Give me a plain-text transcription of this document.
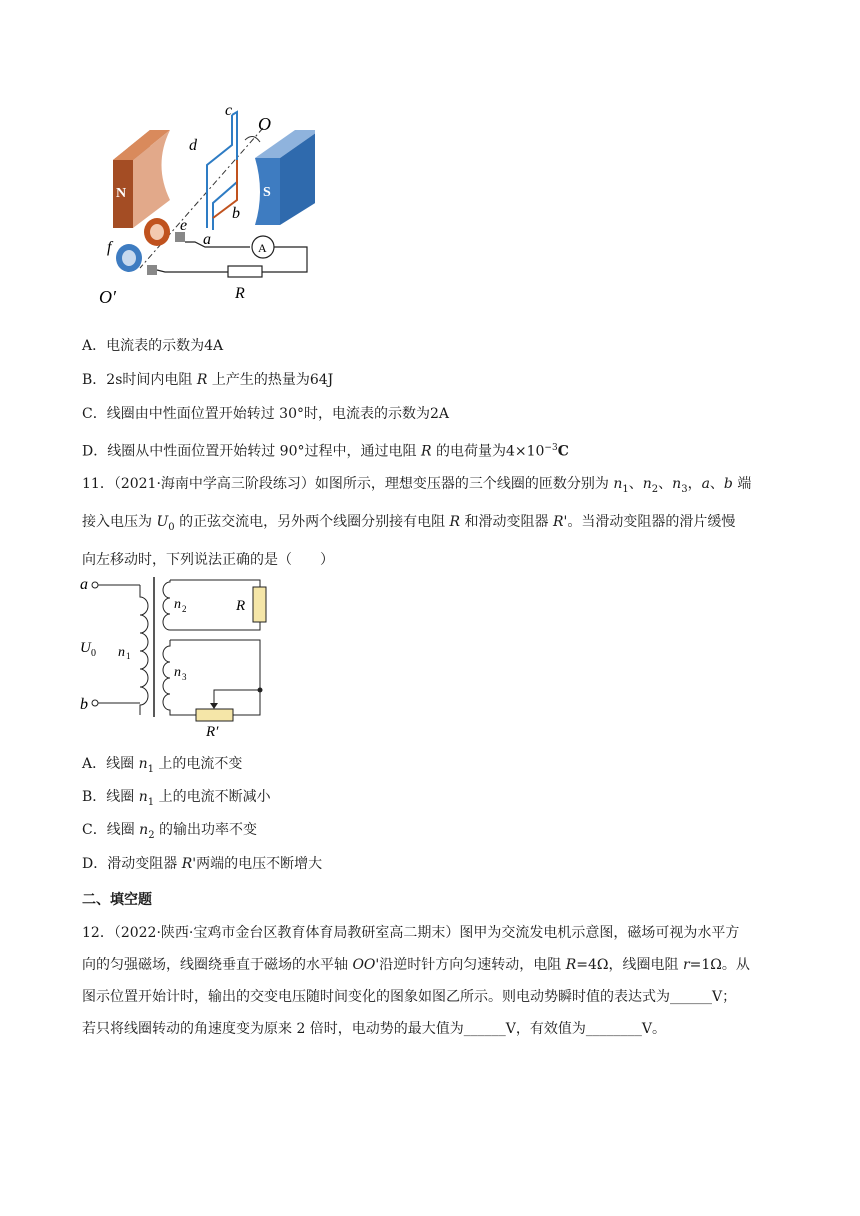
N	S
A
c
O
d
b
e
a
f
R
O′
A．电流表的示数为4A
B．2s时间内电阻 R 上产生的热量为64J
C．线圈由中性面位置开始转过 30°时，电流表的示数为2A
D．线圈从中性面位置开始转过 90°过程中，通过电阻 R 的电荷量为$4\times 10^{-3}C$
11．（2021·海南中学高三阶段练习）如图所示，理想变压器的三个线圈的匝数分别为 $n_1$、$n_2$、$n_3$，a、b 端
接入电压为 $U_0$ 的正弦交流电，另外两个线圈分别接有电阻 R 和滑动变阻器 R'。当滑动变阻器的滑片缓慢
向左移动时，下列说法正确的是（　　）
a
b
U 0 n 1
n 2	R
n 3
R′
A．线圈 $n_1$ 上的电流不变
B．线圈 $n_1$ 上的电流不断减小
C．线圈 $n_2$ 的输出功率不变
D．滑动变阻器 R'两端的电压不断增大
二、填空题
12．（2022·陕西·宝鸡市金台区教育体育局教研室高二期末）图甲为交流发电机示意图，磁场可视为水平方
向的匀强磁场，线圈绕垂直于磁场的水平轴 OO'沿逆时针方向匀速转动，电阻 R=4Ω，线圈电阻 r=1Ω。从
图示位置开始计时，输出的交变电压随时间变化的图象如图乙所示。则电动势瞬时值的表达式为______V；
若只将线圈转动的角速度变为原来 2 倍时，电动势的最大值为______V，有效值为________V。
